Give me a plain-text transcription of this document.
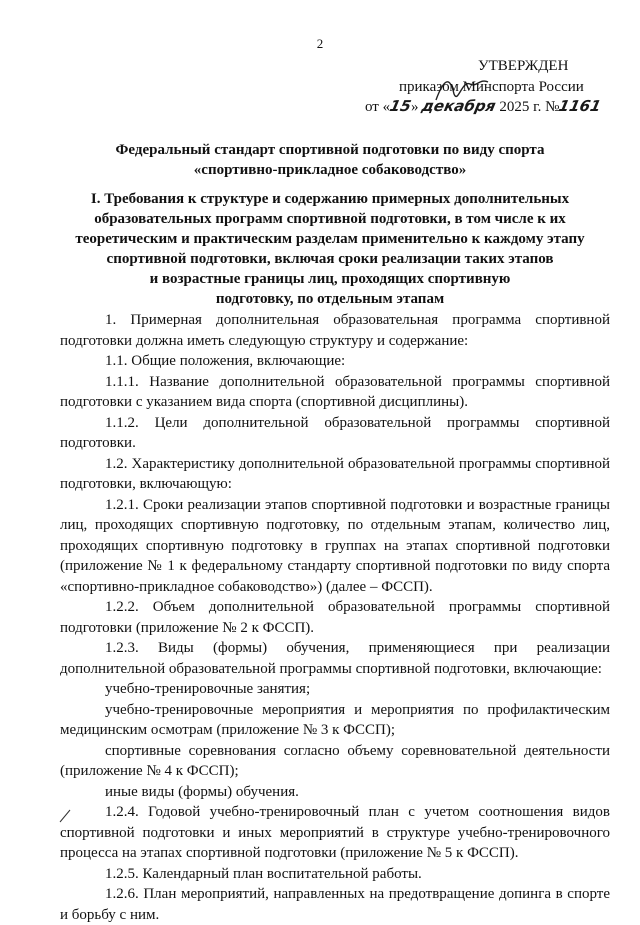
2
УТВЕРЖДЕН
приказом Минспорта России
от «15» декабря 2025 г. №1161
Федеральный стандарт спортивной подготовки по виду спорта
«спортивно-прикладное собаководство»
I. Требования к структуре и содержанию примерных дополнительных
образовательных программ спортивной подготовки, в том числе к их
теоретическим и практическим разделам применительно к каждому этапу
спортивной подготовки, включая сроки реализации таких этапов
и возрастные границы лиц, проходящих спортивную
подготовку, по отдельным этапам

1. Примерная дополнительная образовательная программа спортивной подготовки должна иметь следующую структуру и содержание:

1.1. Общие положения, включающие:

1.1.1. Название дополнительной образовательной программы спортивной подготовки с указанием вида спорта (спортивной дисциплины).

1.1.2. Цели дополнительной образовательной программы спортивной подготовки.

1.2. Характеристику дополнительной образовательной программы спортивной подготовки, включающую:

1.2.1. Сроки реализации этапов спортивной подготовки и возрастные границы лиц, проходящих спортивную подготовку, по отдельным этапам, количество лиц, проходящих спортивную подготовку в группах на этапах спортивной подготовки (приложение № 1 к федеральному стандарту спортивной подготовки по виду спорта «спортивно-прикладное собаководство») (далее – ФССП).

1.2.2. Объем дополнительной образовательной программы спортивной подготовки (приложение № 2 к ФССП).

1.2.3. Виды (формы) обучения, применяющиеся при реализации дополнительной образовательной программы спортивной подготовки, включающие:

учебно-тренировочные занятия;

учебно-тренировочные мероприятия и мероприятия по профилактическим медицинским осмотрам (приложение № 3 к ФССП);

спортивные соревнования согласно объему соревновательной деятельности (приложение № 4 к ФССП);

иные виды (формы) обучения.

1.2.4. Годовой учебно-тренировочный план с учетом соотношения видов спортивной подготовки и иных мероприятий в структуре учебно-тренировочного процесса на этапах спортивной подготовки (приложение № 5 к ФССП).

1.2.5. Календарный план воспитательной работы.

1.2.6. План мероприятий, направленных на предотвращение допинга в спорте и борьбу с ним.
